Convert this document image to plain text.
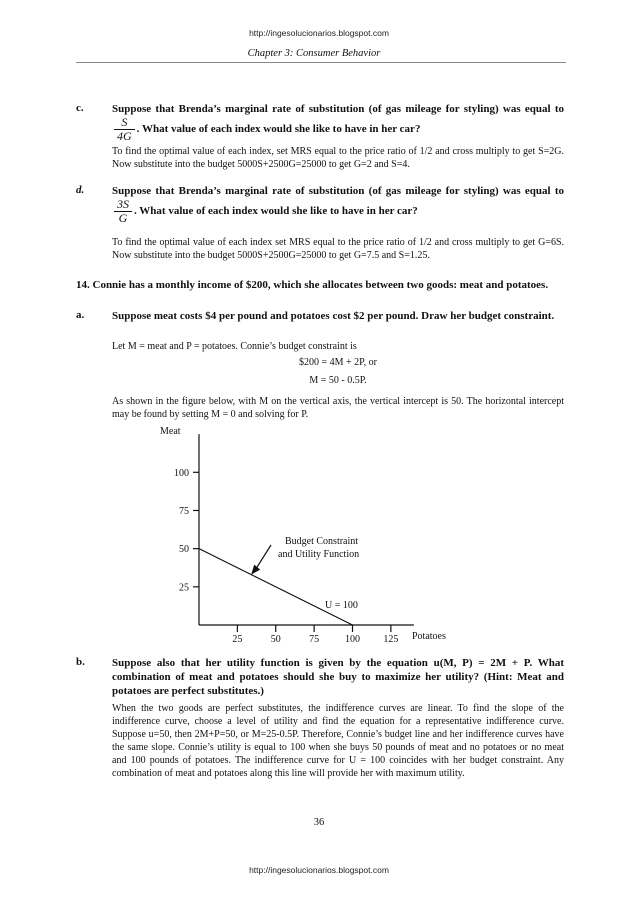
http://ingesolucionarios.blogspot.com
Chapter 3: Consumer Behavior
c.	Suppose that Brenda’s marginal rate of substitution (of gas mileage for styling) was equal to
$\frac{S}{4G}$ . What value of each index would she like to have in her car?
To find the optimal value of each index, set MRS equal to the price ratio of 1/2 and cross multiply to get S=2G. Now substitute into the budget 5000S+2500G=25000 to get G=2 and S=4.
d.	Suppose that Brenda’s marginal rate of substitution (of gas mileage for styling) was equal to
$\frac{3S}{G}$ . What value of each index would she like to have in her car?
To find the optimal value of each index set MRS equal to the price ratio of 1/2 and cross multiply to get G=6S. Now substitute into the budget 5000S+2500G=25000 to get G=7.5 and S=1.25.
14. Connie has a monthly income of $200, which she allocates between two goods: meat and potatoes.
a.	Suppose meat costs $4 per pound and potatoes cost $2 per pound. Draw her budget constraint.
Let M = meat and P = potatoes. Connie’s budget constraint is
$200 = 4M + 2P, or
M = 50 - 0.5P.
As shown in the figure below, with M on the vertical axis, the vertical intercept is 50. The horizontal intercept may be found by setting M = 0 and solving for P.
Meat
Potatoes
Budget Constraint
and Utility Function
U = 100
25
50
75
100
25	50	75	100 125
b. Suppose also that her utility function is given by the equation u(M, P) = 2M + P. What combination of meat and potatoes should she buy to maximize her utility? (Hint: Meat and potatoes are perfect substitutes.)
When the two goods are perfect substitutes, the indifference curves are linear. To find the slope of the indifference curve, choose a level of utility and find the equation for a representative indifference curve. Suppose u=50, then 2M+P=50, or M=25-0.5P. Therefore, Connie’s budget line and her indifference curves have the same slope. Connie’s utility is equal to 100 when she buys 50 pounds of meat and no potatoes or no meat and 100 pounds of potatoes. The indifference curve for U = 100 coincides with her budget constraint. Any combination of meat and potatoes along this line will provide her with maximum utility.
36
http://ingesolucionarios.blogspot.com
